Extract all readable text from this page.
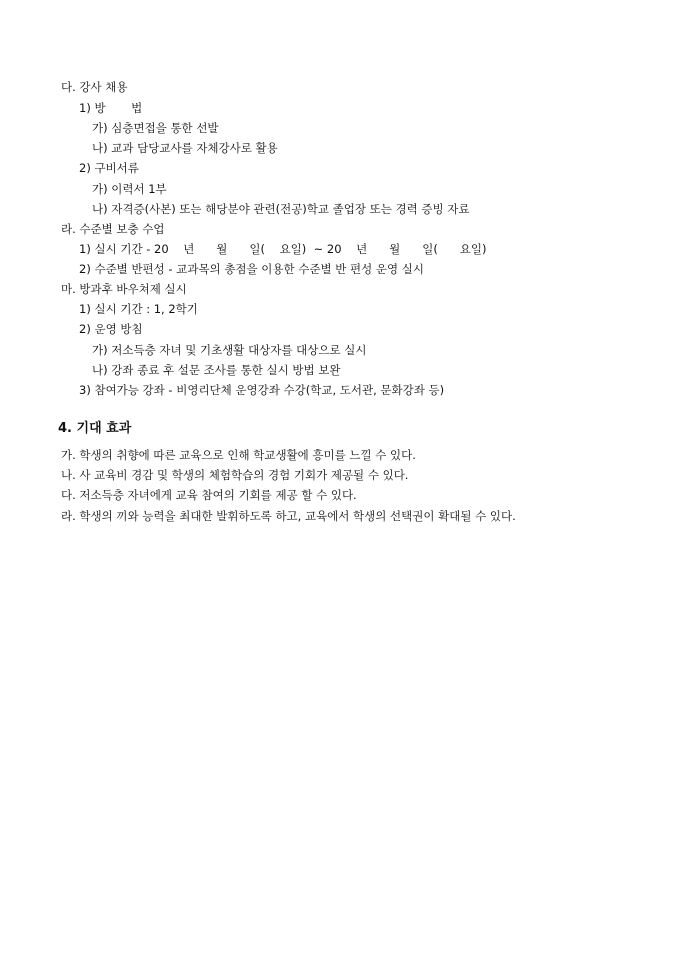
다. 강사 채용
1) 방       법
가) 심층면접을 통한 선발
나) 교과 담당교사를 자체강사로 활용
2) 구비서류
가) 이력서 1부
나) 자격증(사본) 또는 해당분야 관련(전공)학교 졸업장 또는 경력 증빙 자료
라. 수준별 보충 수업
1) 실시 기간 - 20    년      월      일(    요일)  ~ 20    년      월      일(      요일)
2) 수준별 반편성 - 교과목의 총점을 이용한 수준별 반 편성 운영 실시
마. 방과후 바우쳐제 실시
1) 실시 기간 : 1, 2학기
2) 운영 방침
가) 저소득층 자녀 및 기초생활 대상자를 대상으로 실시
나) 강좌 종료 후 설문 조사를 통한 실시 방법 보완
3) 참여가능 강좌 - 비영리단체 운영강좌 수강(학교, 도서관, 문화강좌 등)
4. 기대 효과
가. 학생의 취향에 따른 교육으로 인해 학교생활에 흥미를 느낄 수 있다.
나. 사 교육비 경감 및 학생의 체험학습의 경험 기회가 제공될 수 있다.
다. 저소득층 자녀에게 교육 참여의 기회를 제공 할 수 있다.
라. 학생의 끼와 능력을 최대한 발휘하도록 하고, 교육에서 학생의 선택권이 확대될 수 있다.
